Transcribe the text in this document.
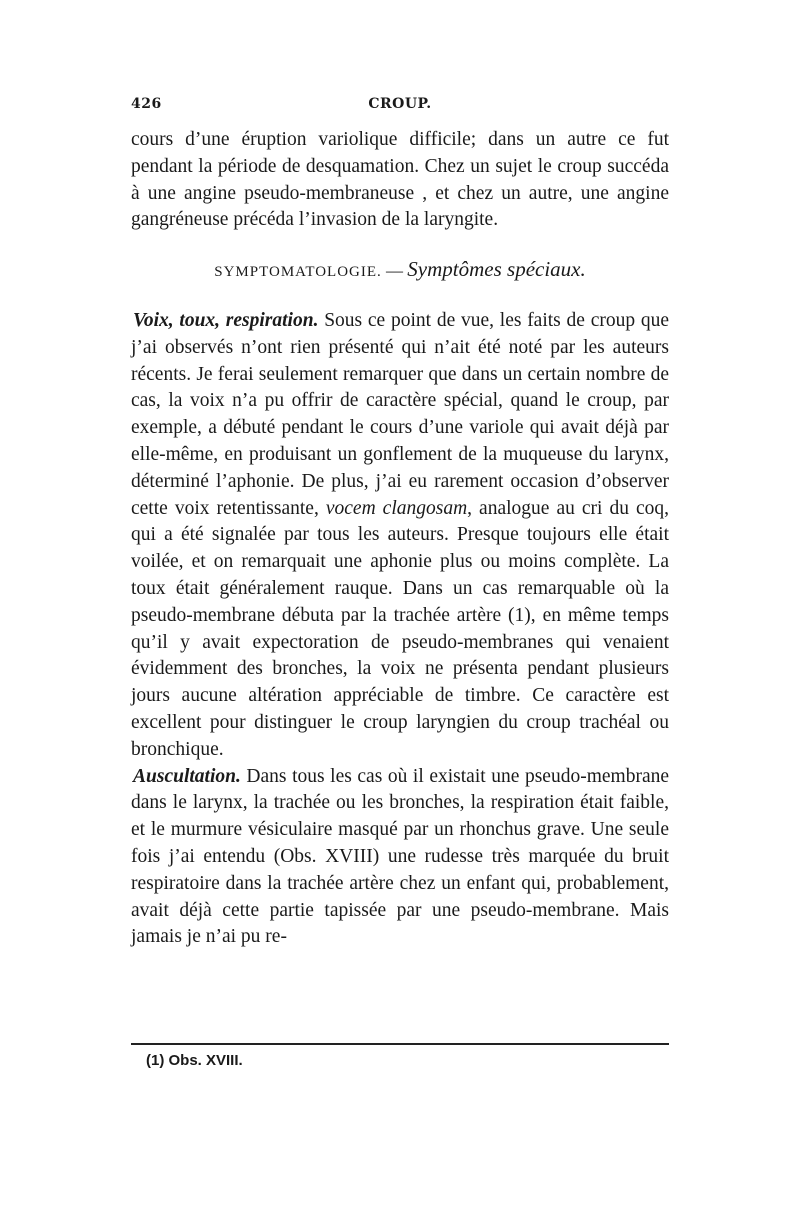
426	CROUP.

cours d’une éruption variolique difficile; dans un autre ce fut pendant la période de desquamation. Chez un sujet le croup succéda à une angine pseudo-membraneuse , et chez un autre, une angine gangréneuse précéda l’invasion de la laryngite.

SYMPTOMATOLOGIE. — Symptômes spéciaux.

Voix, toux, respiration. Sous ce point de vue, les faits de croup que j’ai observés n’ont rien présenté qui n’ait été noté par les auteurs récents. Je ferai seulement remarquer que dans un certain nombre de cas, la voix n’a pu offrir de caractère spécial, quand le croup, par exemple, a débuté pendant le cours d’une variole qui avait déjà par elle-même, en produisant un gonflement de la muqueuse du larynx, déterminé l’aphonie. De plus, j’ai eu rarement occasion d’observer cette voix retentissante, vocem clangosam, analogue au cri du coq, qui a été signalée par tous les auteurs. Presque toujours elle était voilée, et on remarquait une aphonie plus ou moins complète. La toux était généralement rauque. Dans un cas remarquable où la pseudo-membrane débuta par la trachée artère (1), en même temps qu’il y avait expectoration de pseudo-membranes qui venaient évidemment des bronches, la voix ne présenta pendant plusieurs jours aucune altération appréciable de timbre. Ce caractère est excellent pour distinguer le croup laryngien du croup trachéal ou bronchique.

Auscultation. Dans tous les cas où il existait une pseudo-membrane dans le larynx, la trachée ou les bronches, la respiration était faible, et le murmure vésiculaire masqué par un rhonchus grave. Une seule fois j’ai entendu (Obs. XVIII) une rudesse très marquée du bruit respiratoire dans la trachée artère chez un enfant qui, probablement, avait déjà cette partie tapissée par une pseudo-membrane. Mais jamais je n’ai pu re-

(1) Obs. XVIII.
